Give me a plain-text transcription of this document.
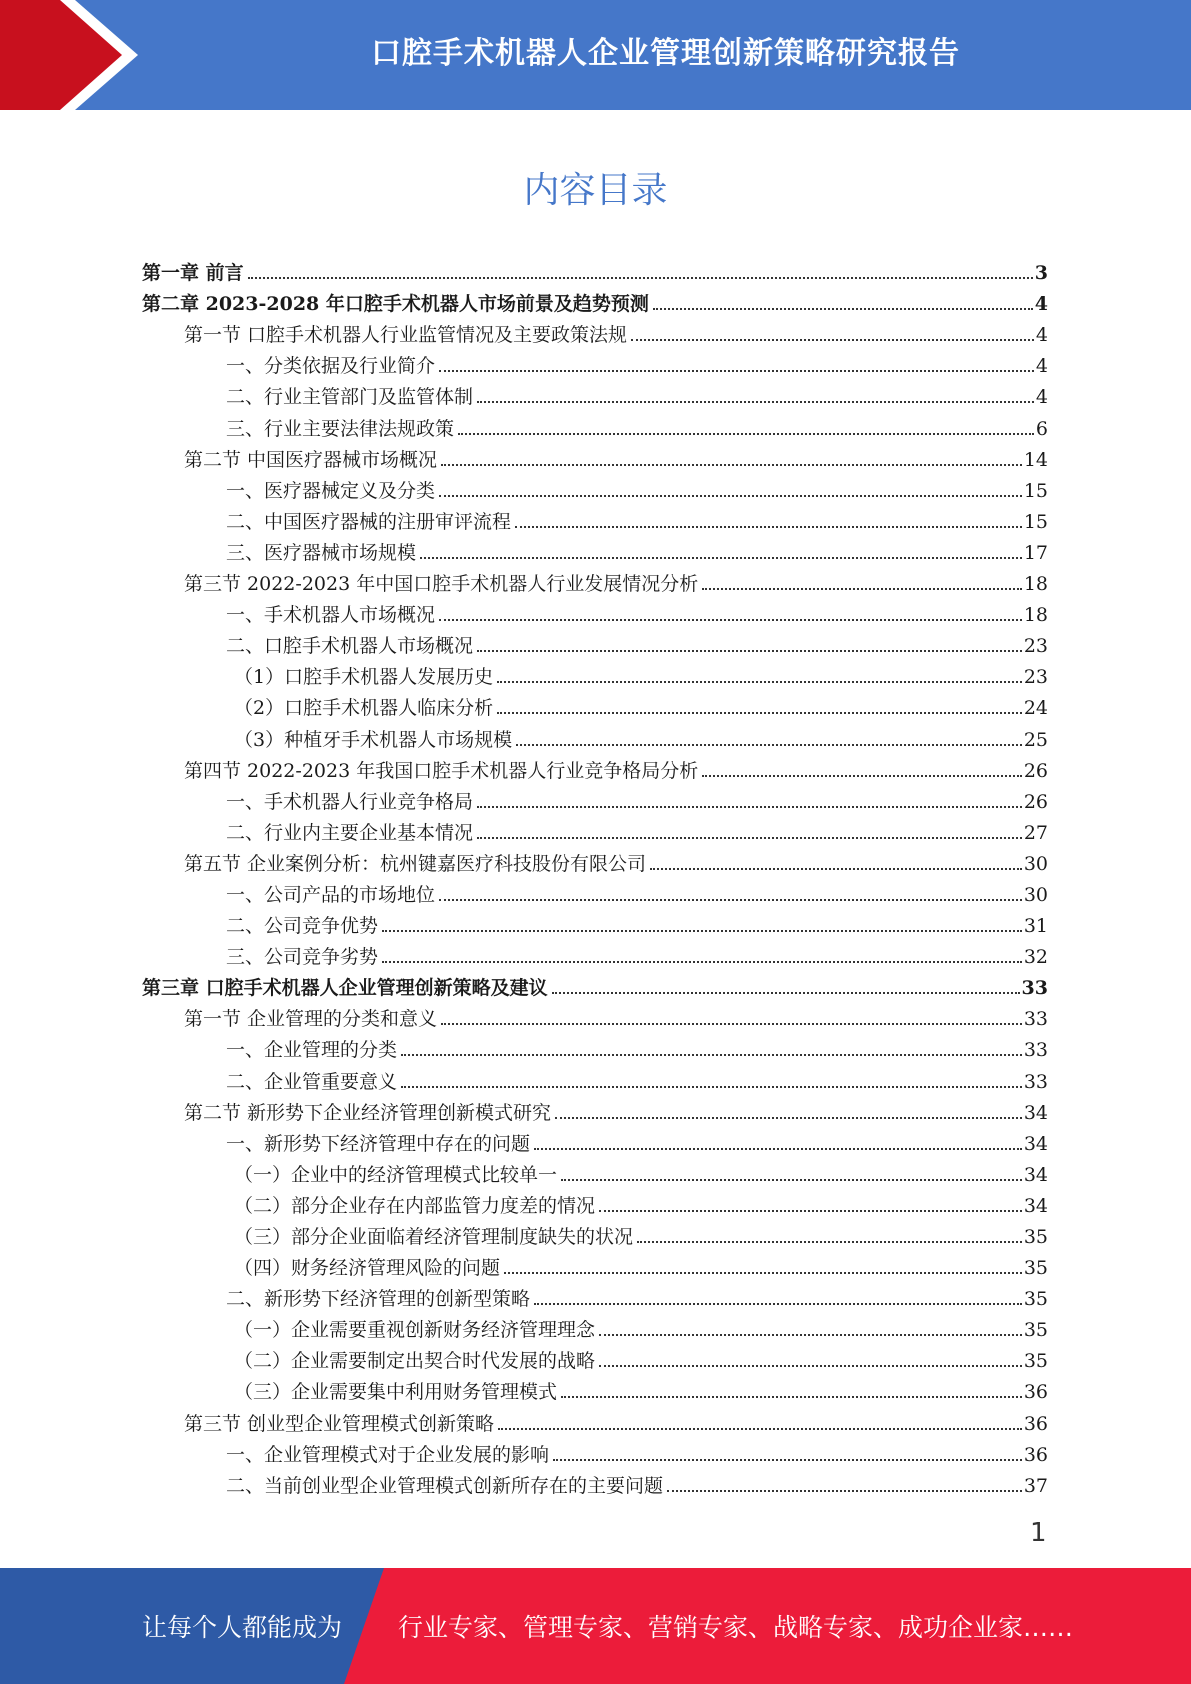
口腔手术机器人企业管理创新策略研究报告
内容目录
第一章 前言	3
第二章 2023-2028 年口腔手术机器人市场前景及趋势预测	4
第一节 口腔手术机器人行业监管情况及主要政策法规	4
一、分类依据及行业简介	4
二、行业主管部门及监管体制	4
三、行业主要法律法规政策	6
第二节 中国医疗器械市场概况	14
一、医疗器械定义及分类	15
二、中国医疗器械的注册审评流程	15
三、医疗器械市场规模	17
第三节 2022-2023 年中国口腔手术机器人行业发展情况分析	18
一、手术机器人市场概况	18
二、口腔手术机器人市场概况	23
（1）口腔手术机器人发展历史	23
（2）口腔手术机器人临床分析	24
（3）种植牙手术机器人市场规模	25
第四节 2022-2023 年我国口腔手术机器人行业竞争格局分析	26
一、手术机器人行业竞争格局	26
二、行业内主要企业基本情况	27
第五节 企业案例分析：杭州键嘉医疗科技股份有限公司	30
一、公司产品的市场地位	30
二、公司竞争优势	31
三、公司竞争劣势	32
第三章 口腔手术机器人企业管理创新策略及建议	33
第一节 企业管理的分类和意义	33
一、企业管理的分类	33
二、企业管重要意义	33
第二节 新形势下企业经济管理创新模式研究	34
一、新形势下经济管理中存在的问题	34
（一）企业中的经济管理模式比较单一	34
（二）部分企业存在内部监管力度差的情况	34
（三）部分企业面临着经济管理制度缺失的状况	35
（四）财务经济管理风险的问题	35
二、新形势下经济管理的创新型策略	35
（一）企业需要重视创新财务经济管理理念	35
（二）企业需要制定出契合时代发展的战略	35
（三）企业需要集中利用财务管理模式	36
第三节 创业型企业管理模式创新策略	36
一、企业管理模式对于企业发展的影响	36
二、当前创业型企业管理模式创新所存在的主要问题	37
1
让每个人都能成为 行业专家、管理专家、营销专家、战略专家、成功企业家……
